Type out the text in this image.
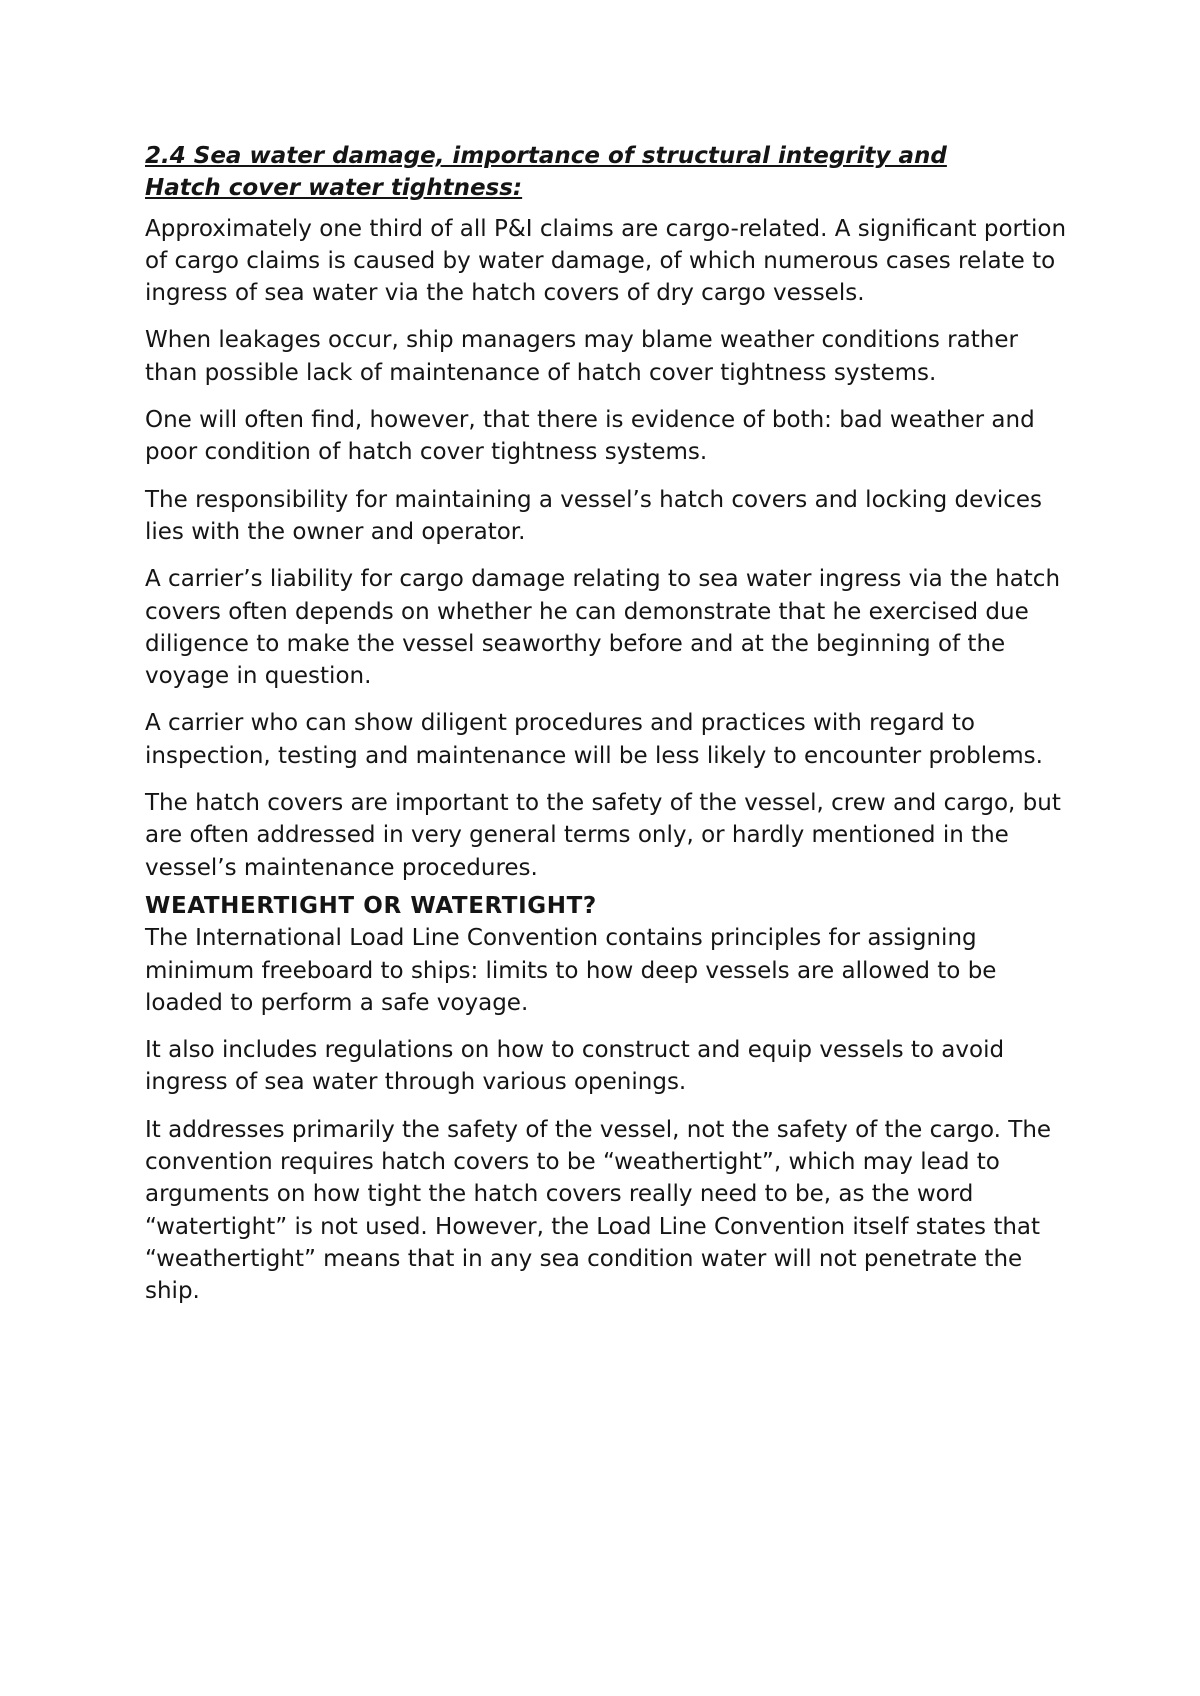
2.4 Sea water damage, importance of structural integrity and
Hatch cover water tightness:

Approximately one third of all P&I claims are cargo-related. A significant portion of cargo claims is caused by water damage, of which numerous cases relate to ingress of sea water via the hatch covers of dry cargo vessels.

When leakages occur, ship managers may blame weather conditions rather than possible lack of maintenance of hatch cover tightness systems.

One will often find, however, that there is evidence of both: bad weather and poor condition of hatch cover tightness systems.

The responsibility for maintaining a vessel’s hatch covers and locking devices lies with the owner and operator.

A carrier’s liability for cargo damage relating to sea water ingress via the hatch covers often depends on whether he can demonstrate that he exercised due diligence to make the vessel seaworthy before and at the beginning of the voyage in question.

A carrier who can show diligent procedures and practices with regard to inspection, testing and maintenance will be less likely to encounter problems.

The hatch covers are important to the safety of the vessel, crew and cargo, but are often addressed in very general terms only, or hardly mentioned in the vessel’s maintenance procedures.

WEATHERTIGHT OR WATERTIGHT?

The International Load Line Convention contains principles for assigning minimum freeboard to ships: limits to how deep vessels are allowed to be loaded to perform a safe voyage.

It also includes regulations on how to construct and equip vessels to avoid ingress of sea water through various openings.

It addresses primarily the safety of the vessel, not the safety of the cargo. The convention requires hatch covers to be “weathertight”, which may lead to arguments on how tight the hatch covers really need to be, as the word “watertight” is not used. However, the Load Line Convention itself states that “weathertight” means that in any sea condition water will not penetrate the ship.
